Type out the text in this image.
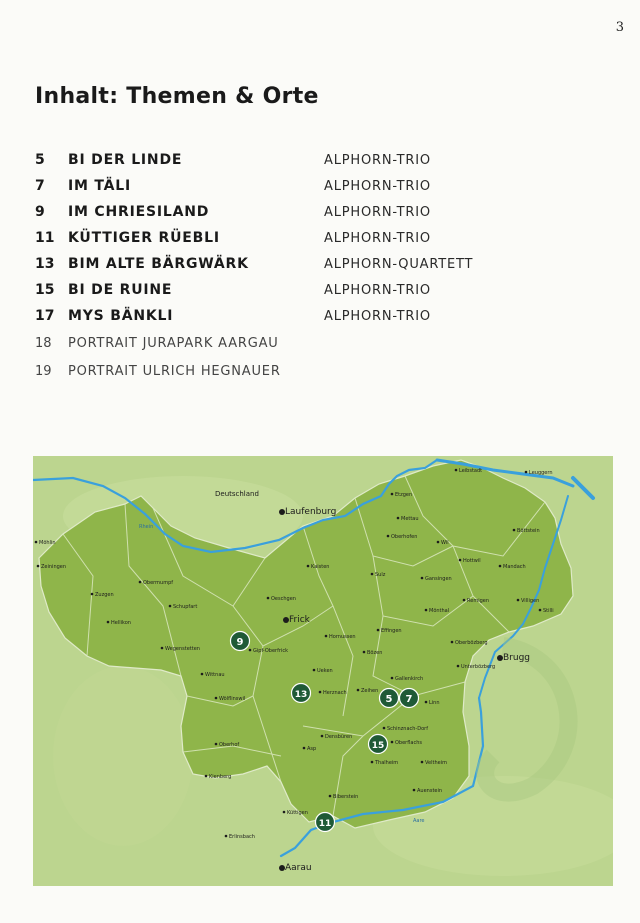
3
Inhalt: Themen & Orte
5	BI DER LINDE	ALPHORN-TRIO
7	IM TÄLI	ALPHORN-TRIO
9	IM CHRIESILAND	ALPHORN-TRIO
11 KÜTTIGER RÜEBLI	ALPHORN-TRIO
13 BIM ALTE BÄRGWÄRK	ALPHORN-QUARTETT
15 BI DE RUINE	ALPHORN-TRIO
17 MYS BÄNKLI	ALPHORN-TRIO
18	PORTRAIT JURAPARK AARGAU
19	PORTRAIT ULRICH HEGNAUER
Deutschland
Rhein
Aare
Laufenburg
Frick
Brugg
Aarau
Leibstadt	Leuggern
Etzgen
Mettau
Oberhofen
Wil
Böttstein
Hottwil
Mandach
Gansingen
Villigen
Remigen
Stilli
Sulz
Kaisten
Mönthal
Möhlin
Zeiningen
Obermumpf
Zuzgen
Schupfart
Hellikon
Wegenstetten
Oeschgen
Gipf-Oberfrick
Wittnau
Hornussen
Effingen
Bözen
Oberbözberg
Unterbözberg
Ueken
Herznach	Zeihen
Gallenkirch
Linn
Wölflinswil
Oberhof
Densbüren
Asp
Schinznach-Dorf
Oberflachs
Thalheim	Veltheim
Kienberg
Biberstein
Auenstein
Küttigen
Erlinsbach
9
13	5 7
15
11
